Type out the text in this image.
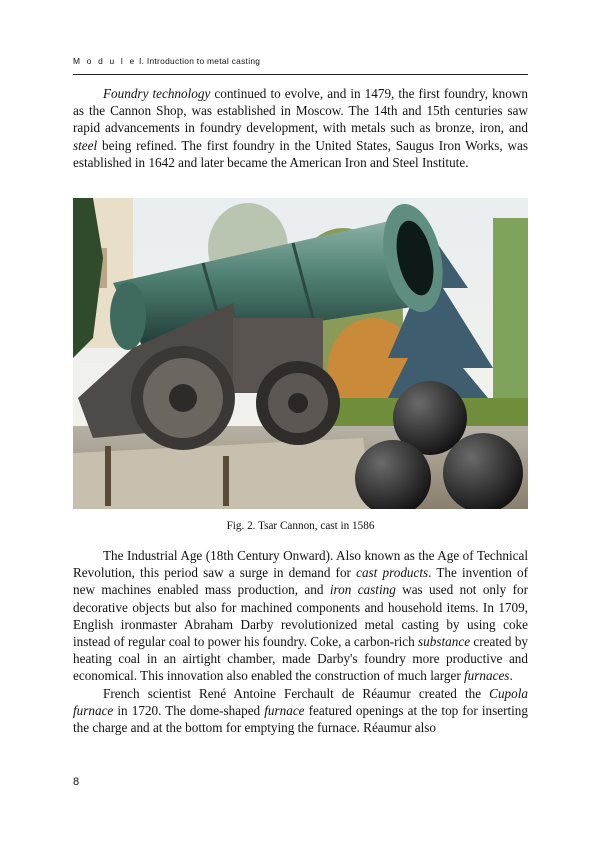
M o d u l e I. Introduction to metal casting

Foundry technology continued to evolve, and in 1479, the first foundry, known as the Cannon Shop, was established in Moscow. The 14th and 15th centuries saw rapid advancements in foundry development, with metals such as bronze, iron, and steel being refined. The first foundry in the United States, Saugus Iron Works, was established in 1642 and later became the American Iron and Steel Institute.

Fig. 2. Tsar Cannon, cast in 1586

The Industrial Age (18th Century Onward). Also known as the Age of Technical Revolution, this period saw a surge in demand for cast products. The invention of new machines enabled mass production, and iron casting was used not only for decorative objects but also for machined components and household items. In 1709, English ironmaster Abraham Darby revolutionized metal casting by using coke instead of regular coal to power his foundry. Coke, a carbon-rich substance created by heating coal in an airtight chamber, made Darby's foundry more productive and economical. This innovation also enabled the construction of much larger furnaces.

French scientist René Antoine Ferchault de Réaumur created the Cupola furnace in 1720. The dome-shaped furnace featured openings at the top for inserting the charge and at the bottom for emptying the furnace. Réaumur also

8
